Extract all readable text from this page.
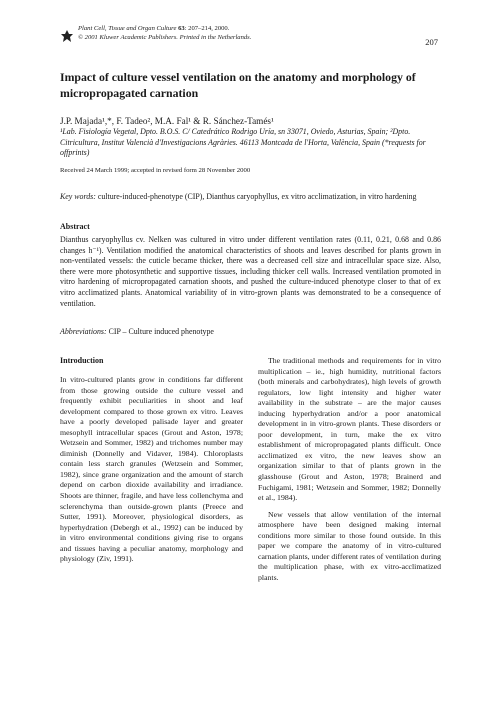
Plant Cell, Tissue and Organ Culture 63: 207–214, 2000.
© 2001 Kluwer Academic Publishers. Printed in the Netherlands.	207
Impact of culture vessel ventilation on the anatomy and morphology of micropropagated carnation
J.P. Majada¹,*, F. Tadeo², M.A. Fal¹ & R. Sánchez-Tamés¹
¹Lab. Fisiología Vegetal, Dpto. B.O.S. C/ Catedrático Rodrigo Uría, sn 33071, Oviedo, Asturias, Spain; ²Dpto. Citricultura, Institut Valencià d'Investigacions Agràries. 46113 Montcada de l'Horta, València, Spain (*requests for offprints)
Received 24 March 1999; accepted in revised form 28 November 2000
Key words: culture-induced-phenotype (CIP), Dianthus caryophyllus, ex vitro acclimatization, in vitro hardening
Abstract
Dianthus caryophyllus cv. Nelken was cultured in vitro under different ventilation rates (0.11, 0.21, 0.68 and 0.86 changes h⁻¹). Ventilation modified the anatomical characteristics of shoots and leaves described for plants grown in non-ventilated vessels: the cuticle became thicker, there was a decreased cell size and intracellular space size. Also, there were more photosynthetic and supportive tissues, including thicker cell walls. Increased ventilation promoted in vitro hardening of micropropagated carnation shoots, and pushed the culture-induced phenotype closer to that of ex vitro acclimatized plants. Anatomical variability of in vitro-grown plants was demonstrated to be a consequence of ventilation.
Abbreviations: CIP – Culture induced phenotype
Introduction

In vitro-cultured plants grow in conditions far different from those growing outside the culture vessel and frequently exhibit peculiarities in shoot and leaf development compared to those grown ex vitro. Leaves have a poorly developed palisade layer and greater mesophyll intracellular spaces (Grout and Aston, 1978; Wetzsein and Sommer, 1982) and trichomes number may diminish (Donnelly and Vidaver, 1984). Chloroplasts contain less starch granules (Wetzsein and Sommer, 1982), since grane organization and the amount of starch depend on carbon dioxide availability and irradiance. Shoots are thinner, fragile, and have less collenchyma and sclerenchyma than outside-grown plants (Preece and Sutter, 1991). Moreover, physiological disorders, as hyperhydration (Debergh et al., 1992) can be induced by in vitro environmental conditions giving rise to organs and tissues having a peculiar anatomy, morphology and physiology (Ziv, 1991).

The traditional methods and requirements for in vitro multiplication – ie., high humidity, nutritional factors (both minerals and carbohydrates), high levels of growth regulators, low light intensity and higher water availability in the substrate – are the major causes inducing hyperhydration and/or a poor anatomical development in in vitro-grown plants. These disorders or poor development, in turn, make the ex vitro establishment of micropropagated plants difficult. Once acclimatized ex vitro, the new leaves show an organization similar to that of plants grown in the glasshouse (Grout and Aston, 1978; Brainerd and Fuchigami, 1981; Wetzsein and Sommer, 1982; Donnelly et al., 1984).

New vessels that allow ventilation of the internal atmosphere have been designed making internal conditions more similar to those found outside. In this paper we compare the anatomy of in vitro-cultured carnation plants, under different rates of ventilation during the multiplication phase, with ex vitro-acclimatized plants.
